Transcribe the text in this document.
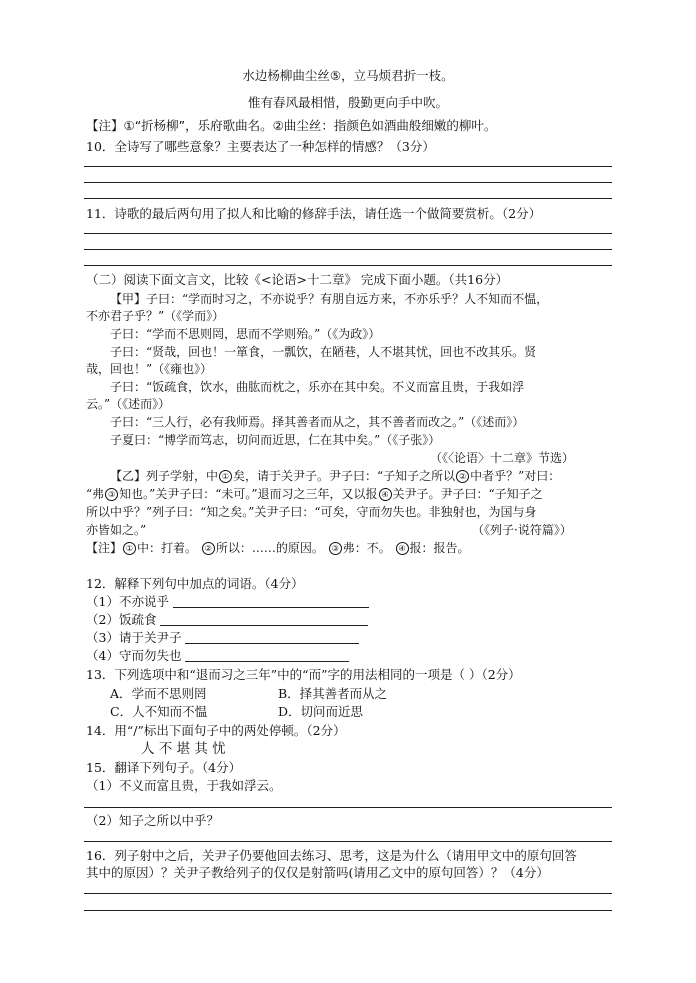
水边杨柳曲尘丝⑤，立马烦君折一枝。
惟有春风最相惜，殷勤更向手中吹。
【注】①“折杨柳”，乐府歌曲名。②曲尘丝：指颜色如酒曲般细嫩的柳叶。
10．全诗写了哪些意象？主要表达了一种怎样的情感？（3分）
11．诗歌的最后两句用了拟人和比喻的修辞手法，请任选一个做简要赏析。（2分）
（二）阅读下面文言文，比较《<论语>十二章》 完成下面小题。（共16分）
【甲】子曰：“学而时习之，不亦说乎？有朋自远方来，不亦乐乎？人不知而不愠，
不亦君子乎？”（《学而》）
子曰：“学而不思则罔，思而不学则殆。”（《为政》）
子曰：“贤哉，回也！一箪食，一瓢饮，在陋巷，人不堪其忧，回也不改其乐。贤
哉，回也！”（《雍也》）
子曰：“饭疏食，饮水，曲肱而枕之，乐亦在其中矣。不义而富且贵，于我如浮
云。”（《述而》）
子曰：“三人行，必有我师焉。择其善者而从之，其不善者而改之。”（《述而》）
子夏曰：“博学而笃志，切问而近思，仁在其中矣。”（《子张》）
（《〈论语〉十二章》节选）
【乙】列子学射，中 ① 矣，请于关尹子。尹子曰：“子知子之所以 ② 中者乎？”对曰：
“弗 ③ 知也。”关尹子曰：“未可。”退而习之三年，又以报 ④ 关尹子。尹子曰：“子知子之
所以中乎？”列子曰：“知之矣。”关尹子曰：“可矣，守而勿失也。非独射也，为国与身
亦皆如之。”	（《列子·说符篇》）
【注】 ① 中：打着。 ② 所以：……的原因。 ③ 弗：不。 ④ 报：报告。
12．解释下列句中加点的词语。（4分）
（1）不亦说乎
（2）饭疏食
（3）请于关尹子
（4）守而勿失也
13．下列选项中和“退而习之三年”中的“而”字的用法相同的一项是（ ）（2分）
A．学而不思则罔	B．择其善者而从之
C．人不知而不愠	D．切问而近思
14．用“/”标出下面句子中的两处停顿。（2分）
人 不 堪 其 忧
15．翻译下列句子。（4分）
（1）不义而富且贵，于我如浮云。
（2）知子之所以中乎？
16．列子射中之后，关尹子仍要他回去练习、思考，这是为什么（请用甲文中的原句回答
其中的原因）？关尹子教给列子的仅仅是射箭吗(请用乙文中的原句回答）？（4分）
